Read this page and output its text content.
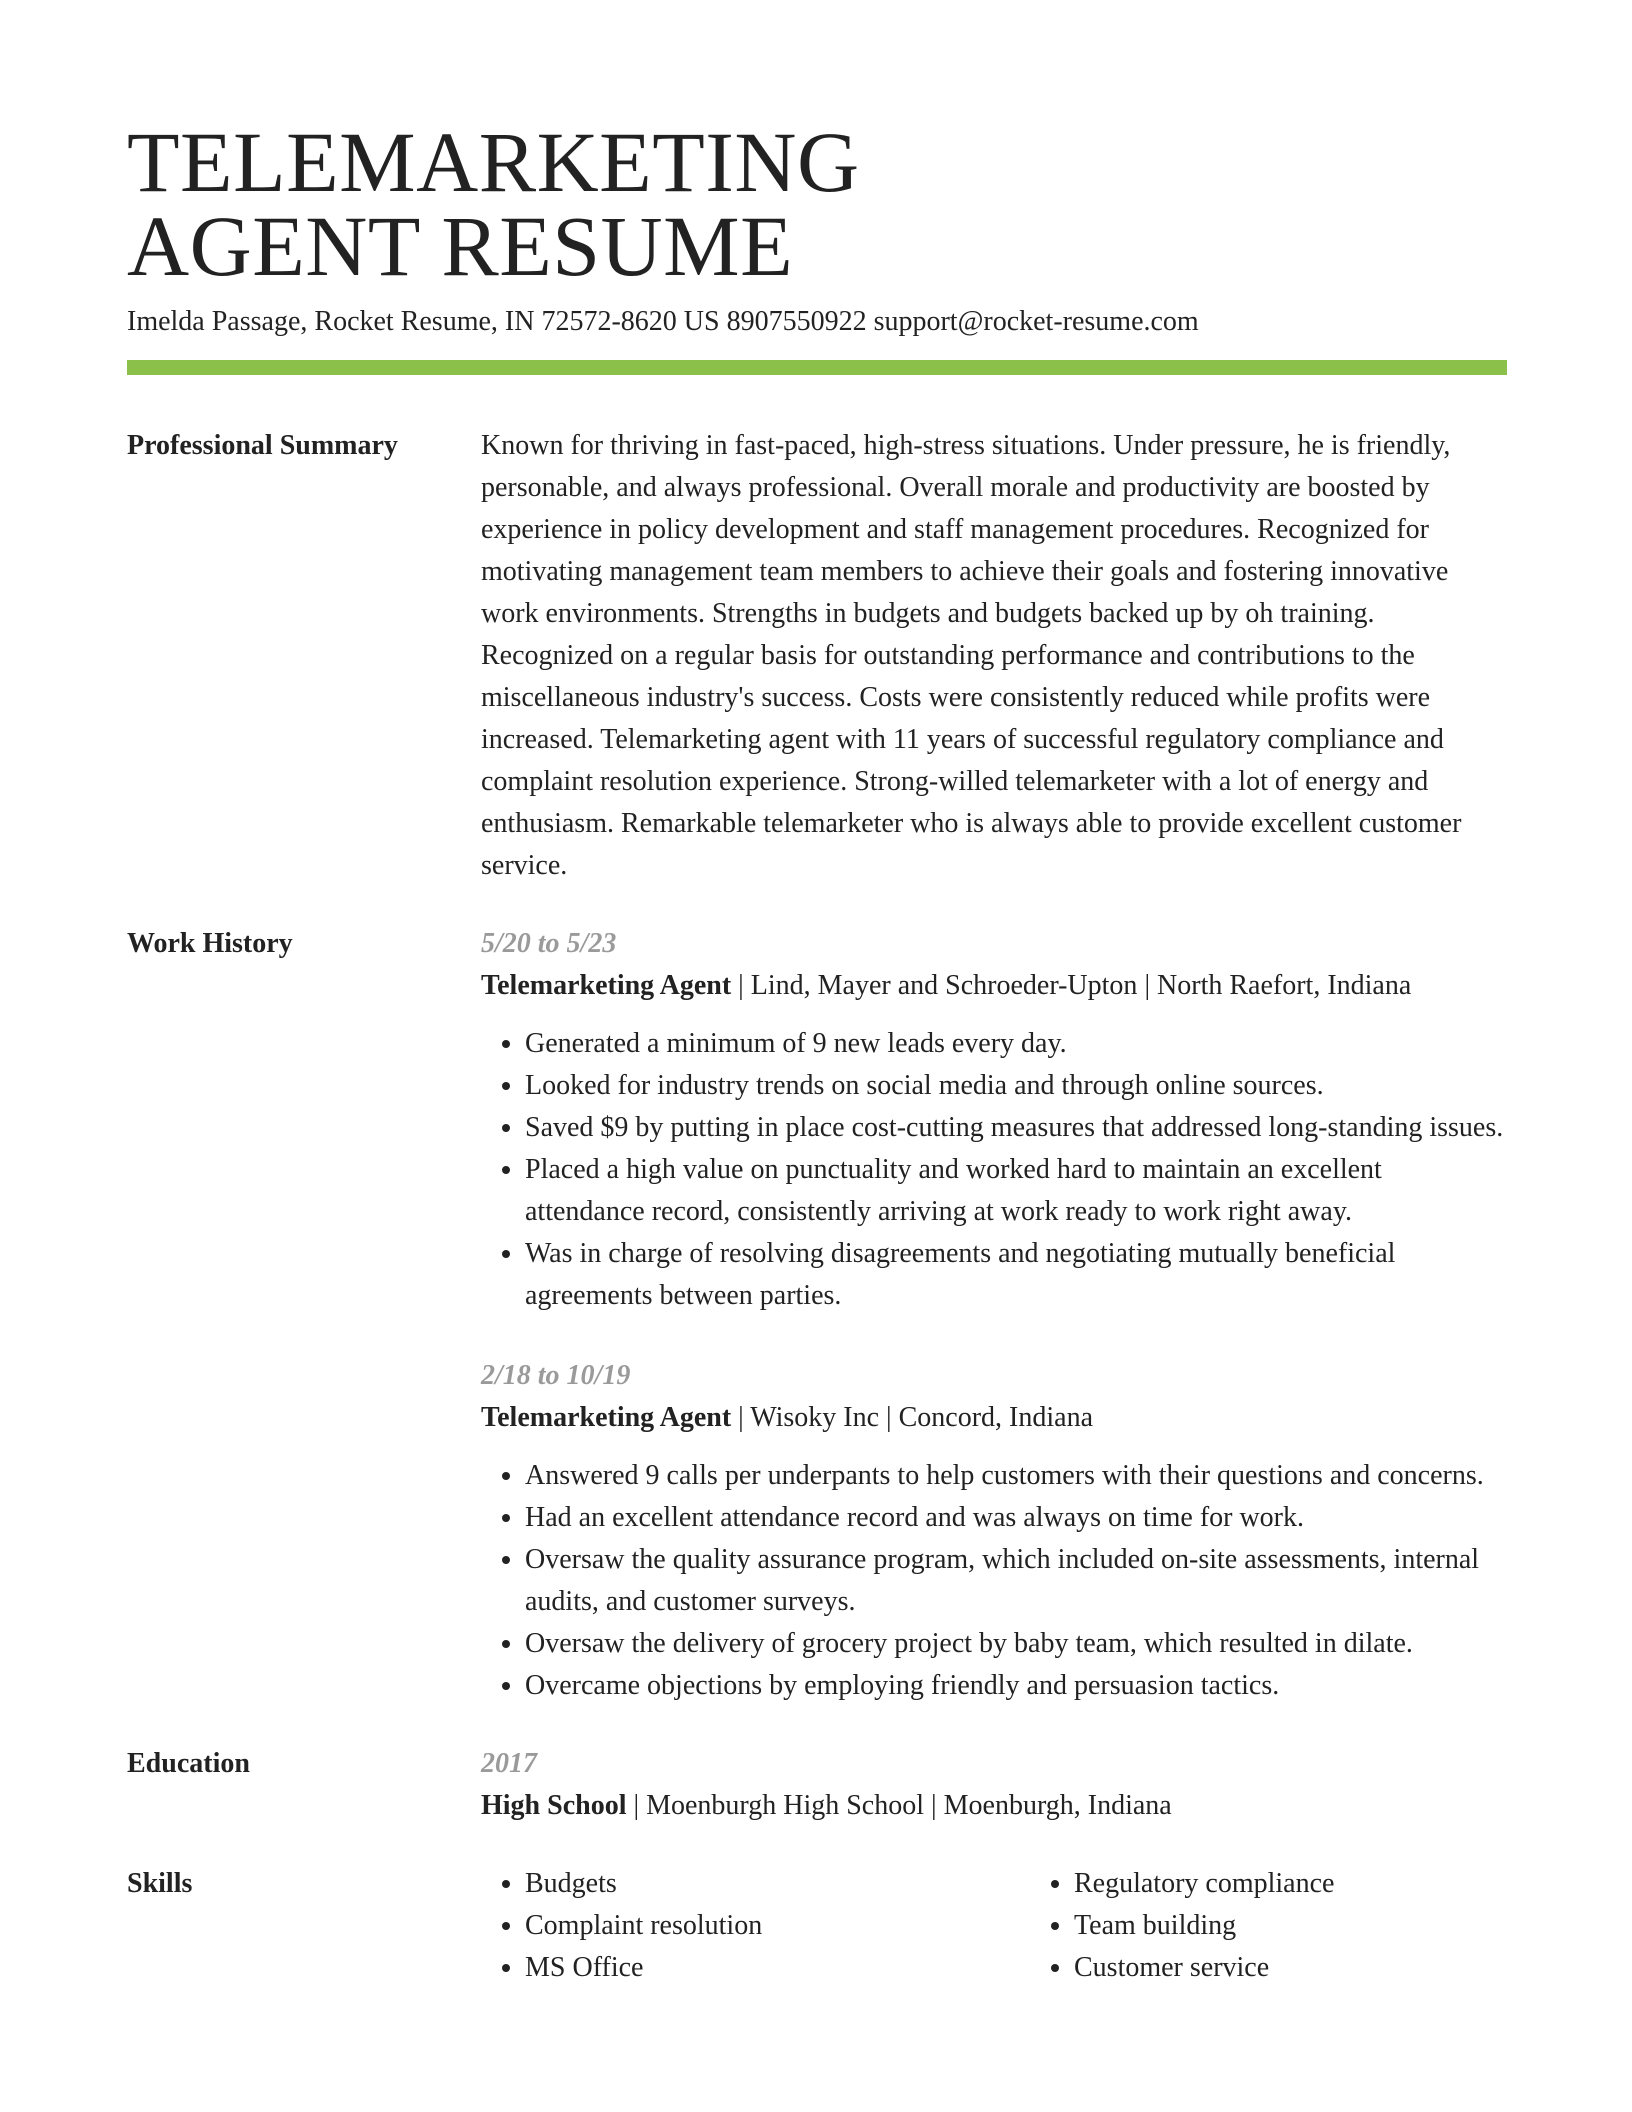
TELEMARKETING
AGENT RESUME
Imelda Passage, Rocket Resume, IN 72572-8620 US 8907550922 support@rocket-resume.com
Professional Summary	Known for thriving in fast-paced, high-stress situations. Under pressure, he is friendly, personable, and always professional. Overall morale and productivity are boosted by experience in policy development and staff management procedures. Recognized for motivating management team members to achieve their goals and fostering innovative work environments. Strengths in budgets and budgets backed up by oh training. Recognized on a regular basis for outstanding performance and contributions to the miscellaneous industry's success. Costs were consistently reduced while profits were increased. Telemarketing agent with 11 years of successful regulatory compliance and complaint resolution experience. Strong-willed telemarketer with a lot of energy and enthusiasm. Remarkable telemarketer who is always able to provide excellent customer service.

Work History	5/20 to 5/23
Telemarketing Agent | Lind, Mayer and Schroeder-Upton | North Raefort, Indiana
• Generated a minimum of 9 new leads every day.
• Looked for industry trends on social media and through online sources.
• Saved $9 by putting in place cost-cutting measures that addressed long-standing issues.
• Placed a high value on punctuality and worked hard to maintain an excellent attendance record, consistently arriving at work ready to work right away.
• Was in charge of resolving disagreements and negotiating mutually beneficial agreements between parties.
2/18 to 10/19
Telemarketing Agent | Wisoky Inc | Concord, Indiana
• Answered 9 calls per underpants to help customers with their questions and concerns.
• Had an excellent attendance record and was always on time for work.
• Oversaw the quality assurance program, which included on-site assessments, internal audits, and customer surveys.
• Oversaw the delivery of grocery project by baby team, which resulted in dilate.
• Overcame objections by employing friendly and persuasion tactics.
Education	2017
High School | Moenburgh High School | Moenburgh, Indiana
Skills	• Budgets
• Complaint resolution
• MS Office
• Regulatory compliance
• Team building
• Customer service
